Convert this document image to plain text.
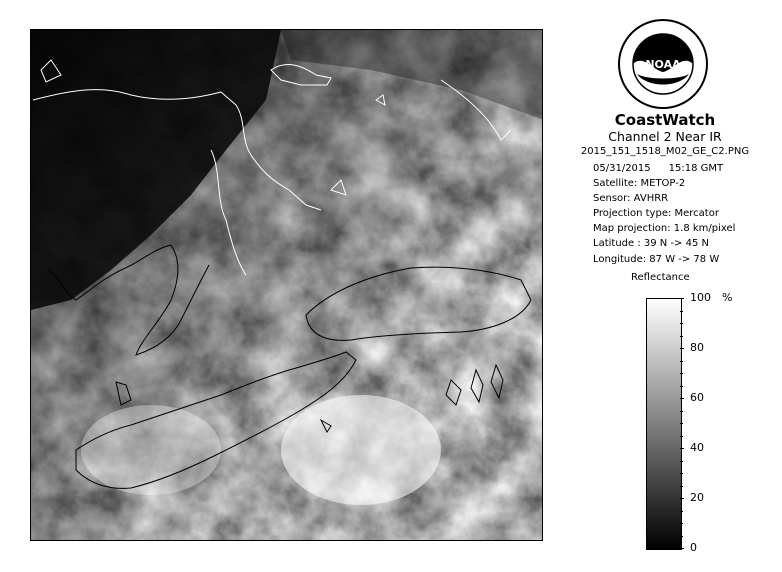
NOAA
CoastWatch
Channel 2 Near IR
2015_151_1518_M02_GE_C2.PNG
05/31/2015 15:18 GMT
Satellite: METOP-2
Sensor: AVHRR
Projection type: Mercator
Map projection: 1.8 km/pixel
Latitude : 39 N -> 45 N
Longitude: 87 W -> 78 W
Reflectance
%
100
80
60
40
20
0
